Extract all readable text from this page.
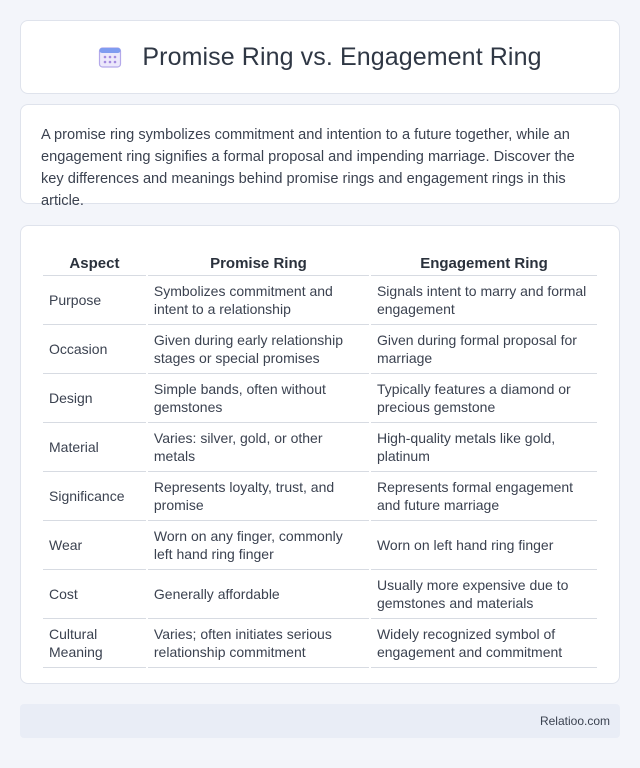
Promise Ring vs. Engagement Ring

A promise ring symbolizes commitment and intention to a future together, while an engagement ring signifies a formal proposal and impending marriage. Discover the key differences and meanings behind promise rings and engagement rings in this article.

Aspect	Promise Ring	Engagement Ring
Purpose	Symbolizes commitment and intent to a relationship	Signals intent to marry and formal engagement
Occasion	Given during early relationship stages or special promises	Given during formal proposal for marriage
Design	Simple bands, often without gemstones	Typically features a diamond or precious gemstone
Material	Varies: silver, gold, or other metals	High-quality metals like gold, platinum
Significance	Represents loyalty, trust, and promise	Represents formal engagement and future marriage
Wear	Worn on any finger, commonly left hand ring finger	Worn on left hand ring finger
Cost	Generally affordable	Usually more expensive due to gemstones and materials
Cultural Meaning	Varies; often initiates serious relationship commitment	Widely recognized symbol of engagement and commitment
Relatioo.com
